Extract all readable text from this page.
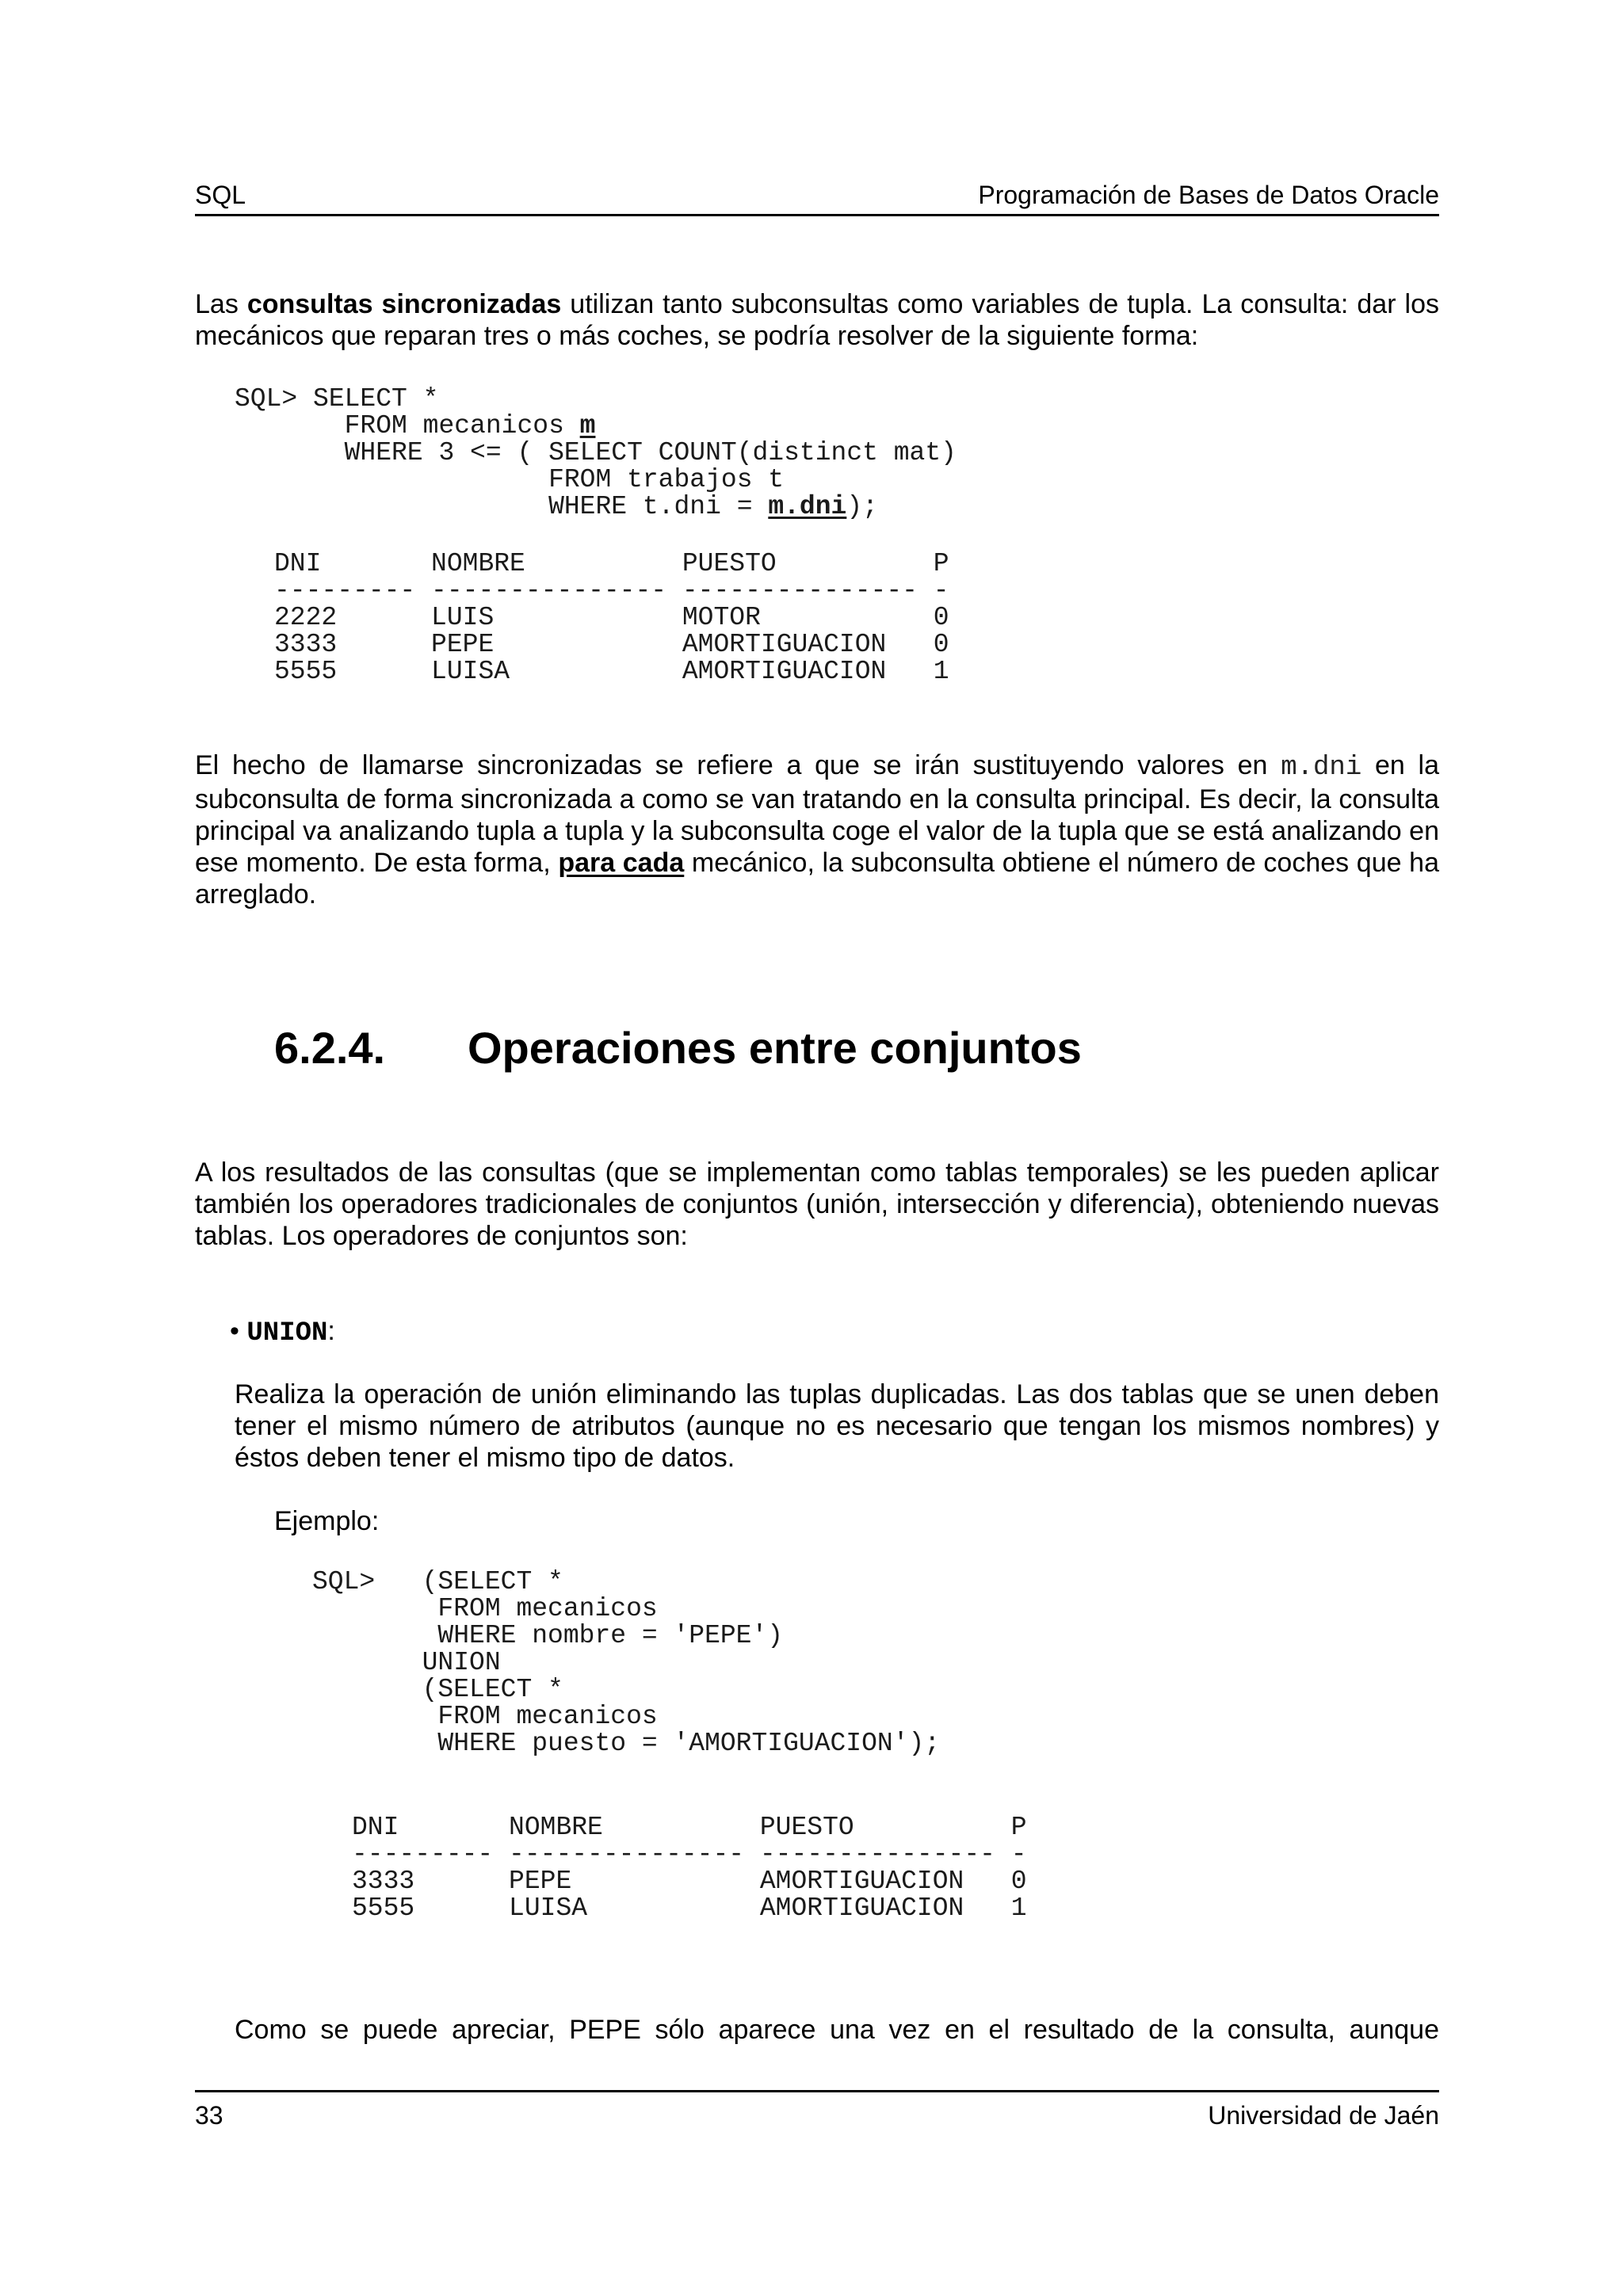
SQL	Programación de Bases de Datos Oracle
Las consultas sincronizadas utilizan tanto subconsultas como variables de tupla. La consulta: dar los mecánicos que reparan tres o más coches, se podría resolver de la siguiente forma:
SQL> SELECT *
FROM mecanicos m
WHERE 3 <= ( SELECT COUNT(distinct mat)
FROM trabajos t
WHERE t.dni = m.dni);
DNI       NOMBRE          PUESTO          P
--------- --------------- --------------- -
2222      LUIS            MOTOR           0
3333      PEPE            AMORTIGUACION   0
5555      LUISA           AMORTIGUACION   1
El hecho de llamarse sincronizadas se refiere a que se irán sustituyendo valores en m.dni en la subconsulta de forma sincronizada a como se van tratando en la consulta principal. Es decir, la consulta principal va analizando tupla a tupla y la subconsulta coge el valor de la tupla que se está analizando en ese momento. De esta forma, para cada mecánico, la subconsulta obtiene el número de coches que ha arreglado.
6.2.4. Operaciones entre conjuntos
A los resultados de las consultas (que se implementan como tablas temporales) se les pueden aplicar también los operadores tradicionales de conjuntos (unión, intersección y diferencia), obteniendo nuevas tablas. Los operadores de conjuntos son:
• UNION:
Realiza la operación de unión eliminando las tuplas duplicadas. Las dos tablas que se unen deben tener el mismo número de atributos (aunque no es necesario que tengan los mismos nombres) y éstos deben tener el mismo tipo de datos.
Ejemplo:
SQL>   (SELECT *
FROM mecanicos
WHERE nombre = 'PEPE')
UNION
(SELECT *
FROM mecanicos
WHERE puesto = 'AMORTIGUACION');
DNI       NOMBRE          PUESTO          P
--------- --------------- --------------- -
3333      PEPE            AMORTIGUACION   0
5555      LUISA           AMORTIGUACION   1
Como se puede apreciar, PEPE sólo aparece una vez en el resultado de la consulta, aunque
33	Universidad de Jaén
